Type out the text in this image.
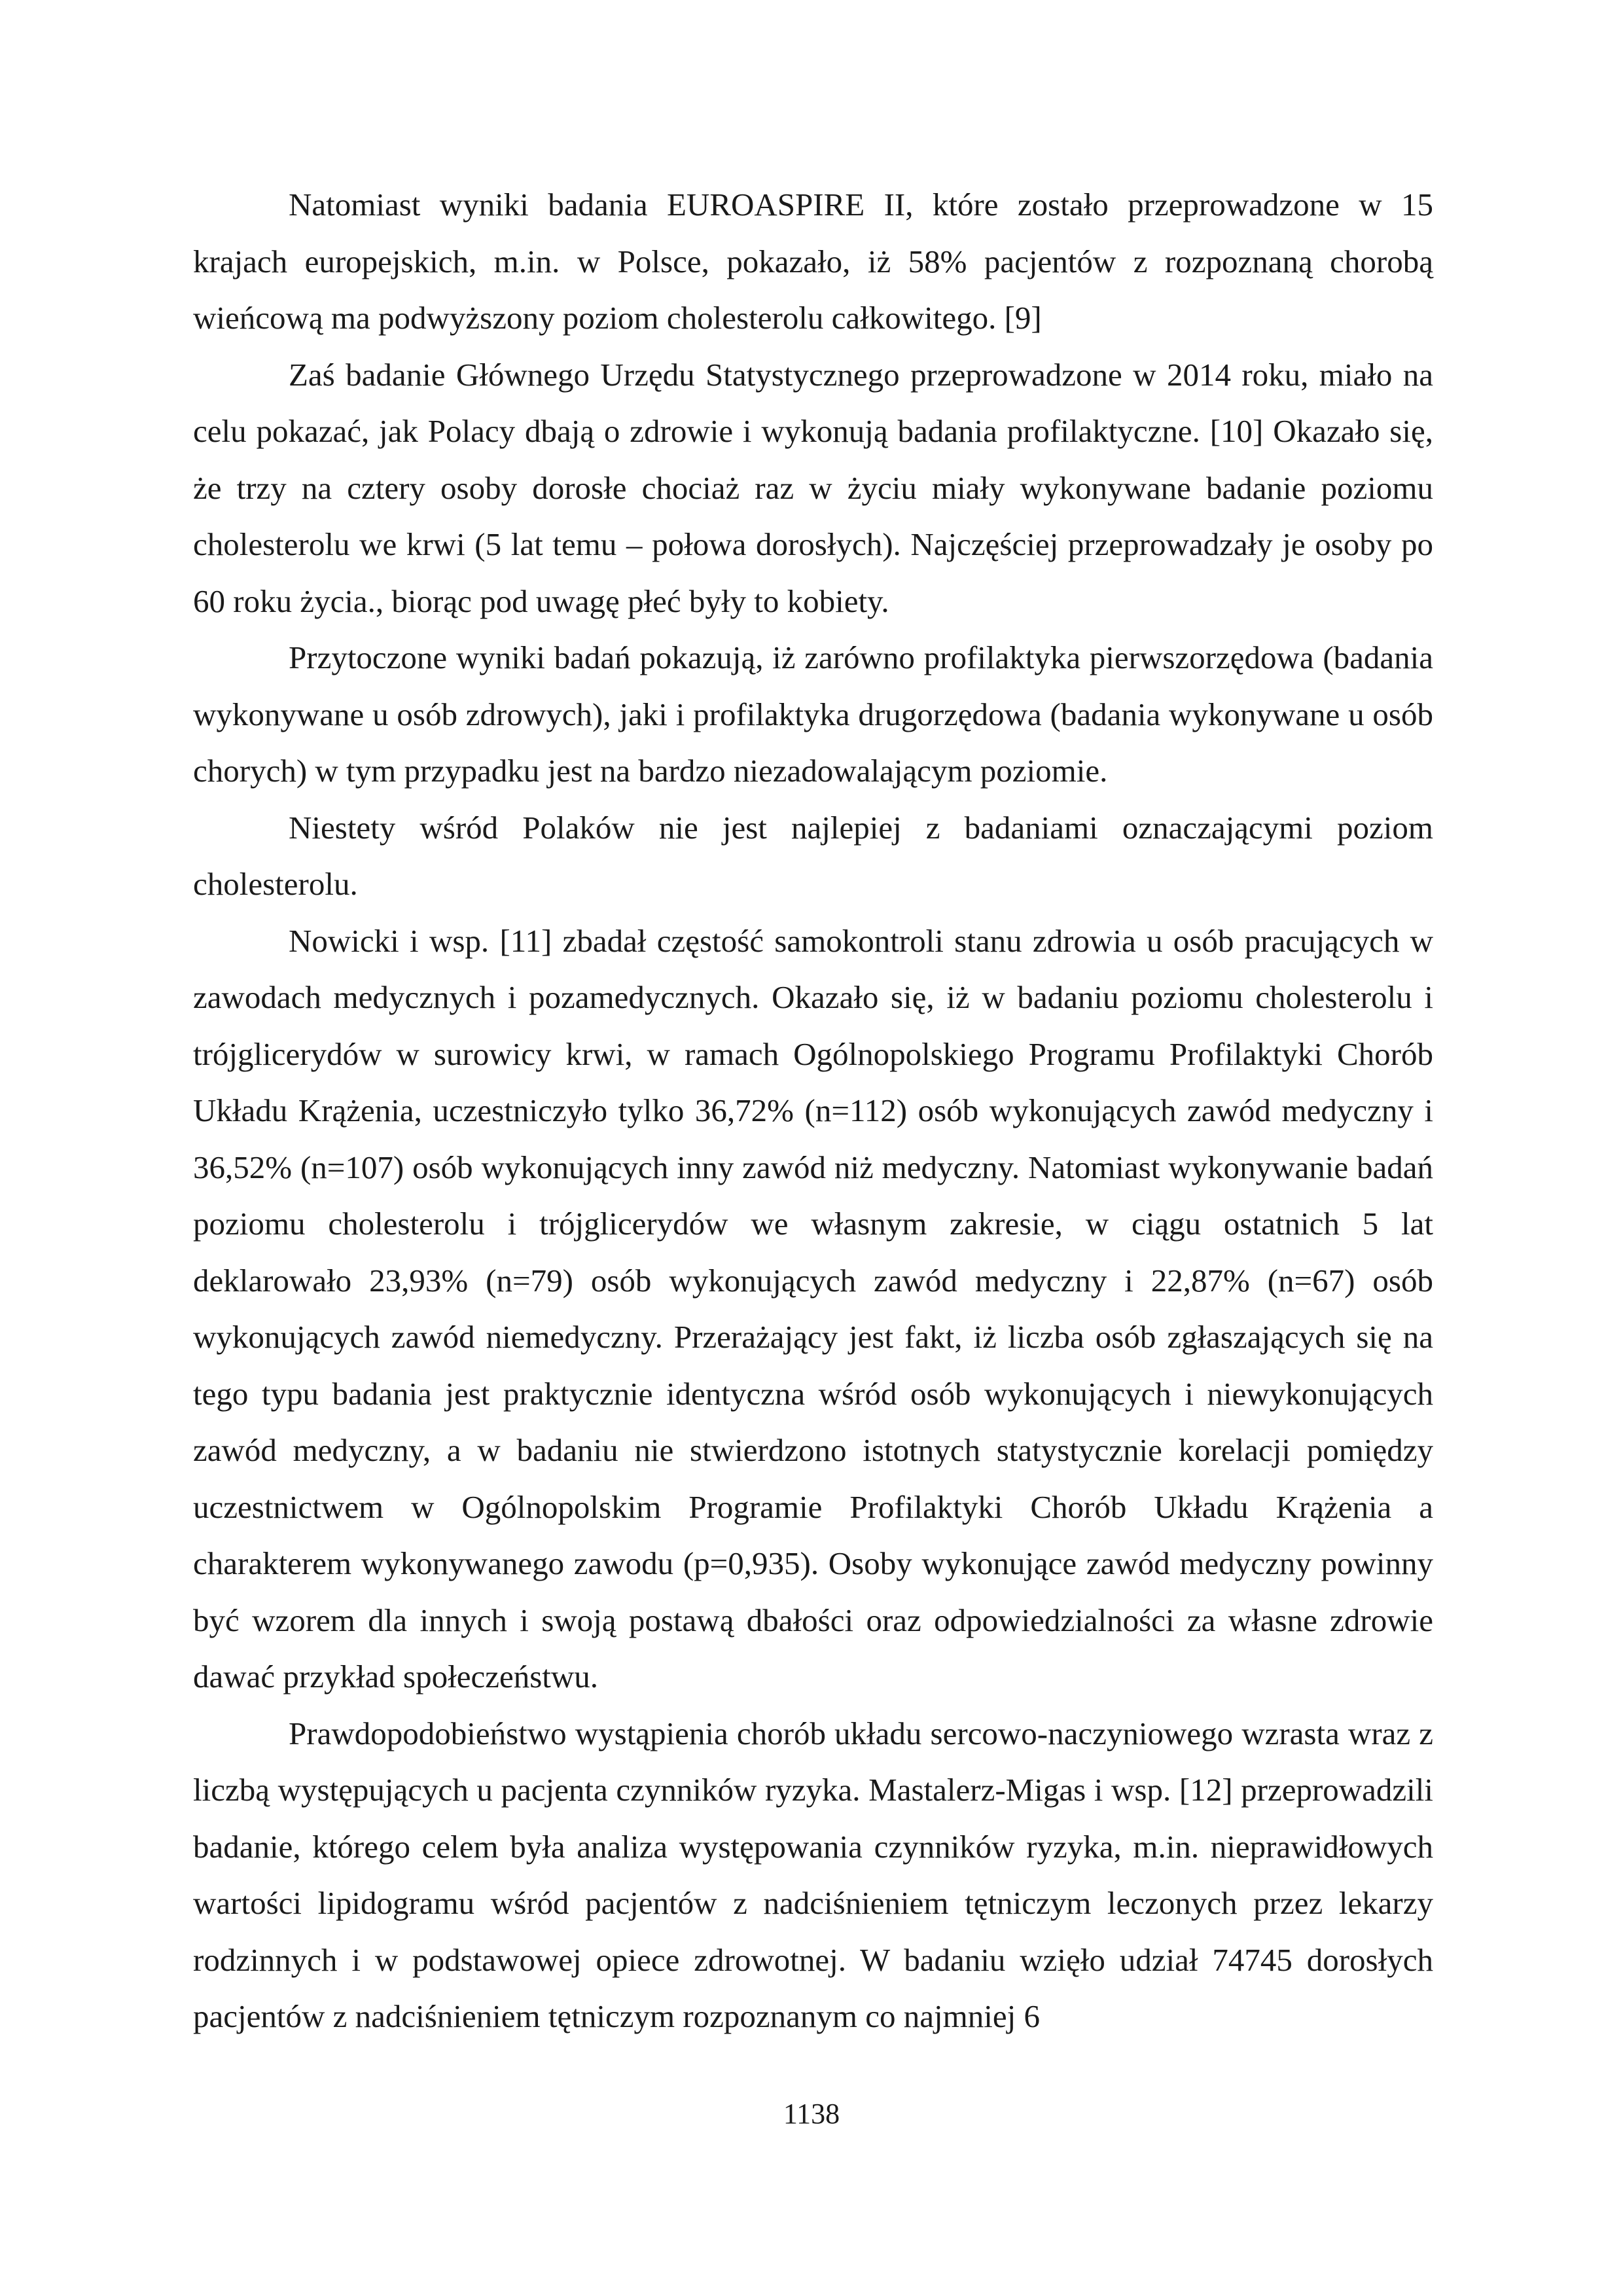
Natomiast wyniki badania EUROASPIRE II, które zostało przeprowadzone w 15 krajach europejskich, m.in. w Polsce, pokazało, iż 58% pacjentów z rozpoznaną chorobą wieńcową ma podwyższony poziom cholesterolu całkowitego. [9]

Zaś badanie Głównego Urzędu Statystycznego przeprowadzone w 2014 roku, miało na celu pokazać, jak Polacy dbają o zdrowie i wykonują badania profilaktyczne. [10] Okazało się, że trzy na cztery osoby dorosłe chociaż raz w życiu miały wykonywane badanie poziomu cholesterolu we krwi (5 lat temu – połowa dorosłych). Najczęściej przeprowadzały je osoby po 60 roku życia., biorąc pod uwagę płeć były to kobiety.

Przytoczone wyniki badań pokazują, iż zarówno profilaktyka pierwszorzędowa (badania wykonywane u osób zdrowych), jaki i profilaktyka drugorzędowa (badania wykonywane u osób chorych) w tym przypadku jest na bardzo niezadowalającym poziomie.

Niestety wśród Polaków nie jest najlepiej z badaniami oznaczającymi poziom cholesterolu.

Nowicki i wsp. [11] zbadał częstość samokontroli stanu zdrowia u osób pracujących w zawodach medycznych i pozamedycznych. Okazało się, iż w badaniu poziomu cholesterolu i trójglicerydów w surowicy krwi, w ramach Ogólnopolskiego Programu Profilaktyki Chorób Układu Krążenia, uczestniczyło tylko 36,72% (n=112) osób wykonujących zawód medyczny i 36,52% (n=107) osób wykonujących inny zawód niż medyczny. Natomiast wykonywanie badań poziomu cholesterolu i trójglicerydów we własnym zakresie, w ciągu ostatnich 5 lat deklarowało 23,93% (n=79) osób wykonujących zawód medyczny i 22,87% (n=67) osób wykonujących zawód niemedyczny. Przerażający jest fakt, iż liczba osób zgłaszających się na tego typu badania jest praktycznie identyczna wśród osób wykonujących i niewykonujących zawód medyczny, a w badaniu nie stwierdzono istotnych statystycznie korelacji pomiędzy uczestnictwem w Ogólnopolskim Programie Profilaktyki Chorób Układu Krążenia a charakterem wykonywanego zawodu (p=0,935). Osoby wykonujące zawód medyczny powinny być wzorem dla innych i swoją postawą dbałości oraz odpowiedzialności za własne zdrowie dawać przykład społeczeństwu.

Prawdopodobieństwo wystąpienia chorób układu sercowo-naczyniowego wzrasta wraz z liczbą występujących u pacjenta czynników ryzyka. Mastalerz-Migas i wsp. [12] przeprowadzili badanie, którego celem była analiza występowania czynników ryzyka, m.in. nieprawidłowych wartości lipidogramu wśród pacjentów z nadciśnieniem tętniczym leczonych przez lekarzy rodzinnych i w podstawowej opiece zdrowotnej. W badaniu wzięło udział 74745 dorosłych pacjentów z nadciśnieniem tętniczym rozpoznanym co najmniej 6

1138
